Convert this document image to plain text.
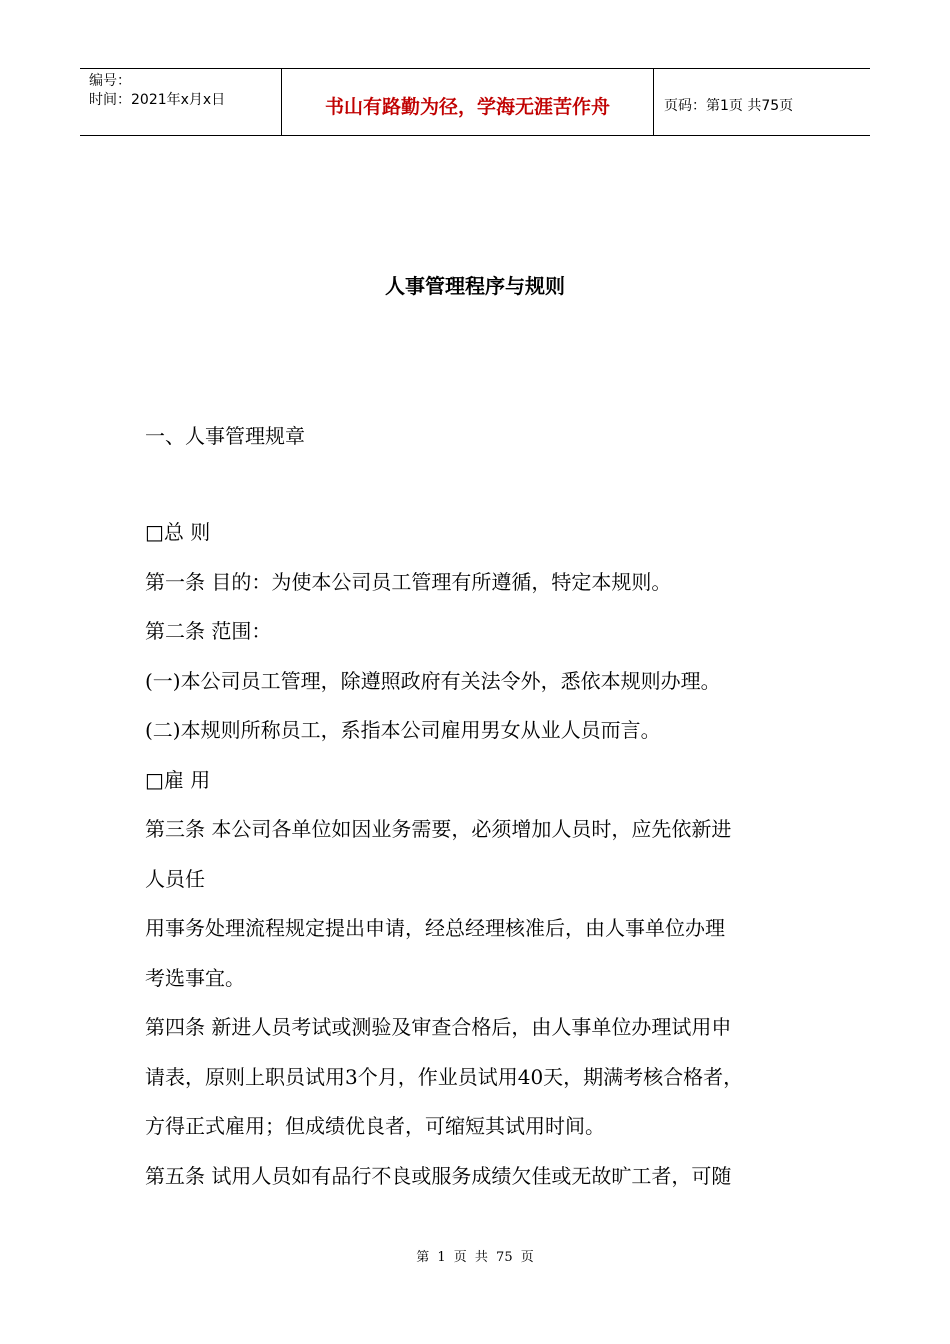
编号：
时间：2021年x月x日	书山有路勤为径，学海无涯苦作舟	页码：第1页 共75页
人事管理程序与规则
一、人事管理规章
□总 则
第一条 目的：为使本公司员工管理有所遵循，特定本规则。
第二条 范围：
(一)本公司员工管理，除遵照政府有关法令外，悉依本规则办理。
(二)本规则所称员工，系指本公司雇用男女从业人员而言。
□雇 用
第三条 本公司各单位如因业务需要，必须增加人员时，应先依新进
人员任
用事务处理流程规定提出申请，经总经理核准后，由人事单位办理
考选事宜。
第四条 新进人员考试或测验及审查合格后，由人事单位办理试用申
请表，原则上职员试用3个月，作业员试用40天，期满考核合格者，
方得正式雇用；但成绩优良者，可缩短其试用时间。
第五条 试用人员如有品行不良或服务成绩欠佳或无故旷工者，可随
第 1 页 共 75 页
